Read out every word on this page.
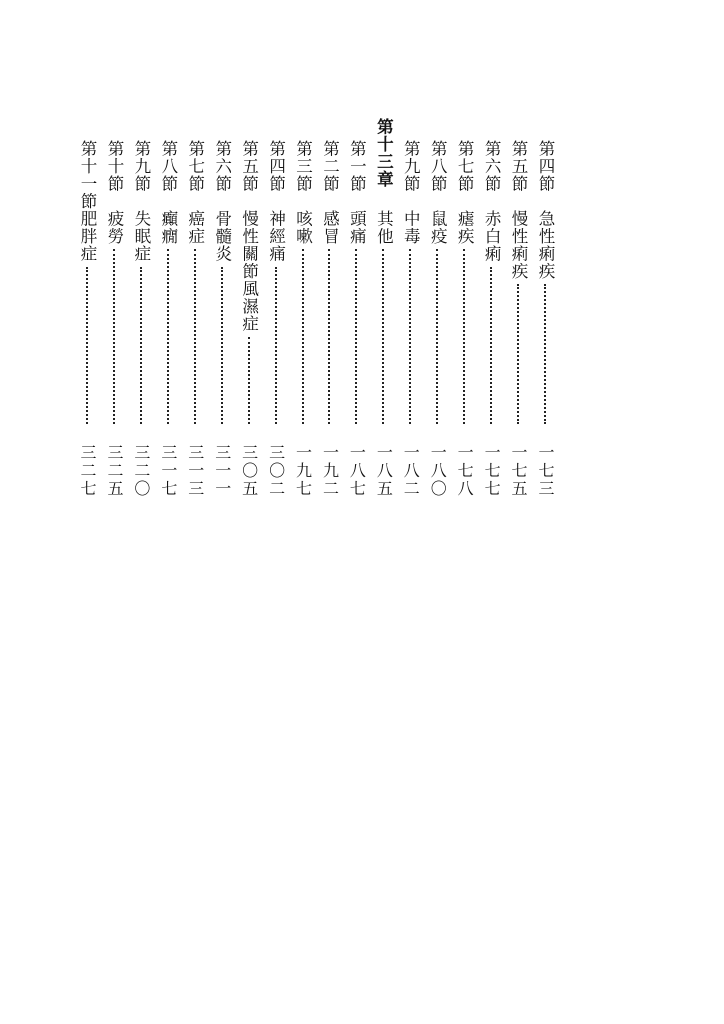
第四節
急性痢疾
一七三
第五節
慢性痢疾
一七五
第六節
赤白痢
一七七
第七節
瘧疾
一七八
第八節
鼠疫
一八〇
第九節
中毒
一八二
第十三章
其他
一八五
第一節
頭痛
一八七
第二節
感冒
一九二
第三節
咳嗽
一九七
第四節
神經痛
三〇二
第五節
慢性關節風濕症
三〇五
第六節
骨髓炎
三一一
第七節
癌症
三一三
第八節
癲癇
三一七
第九節
失眠症
三二〇
第十節
疲勞
三二五
第十一節
肥胖症
三二七
